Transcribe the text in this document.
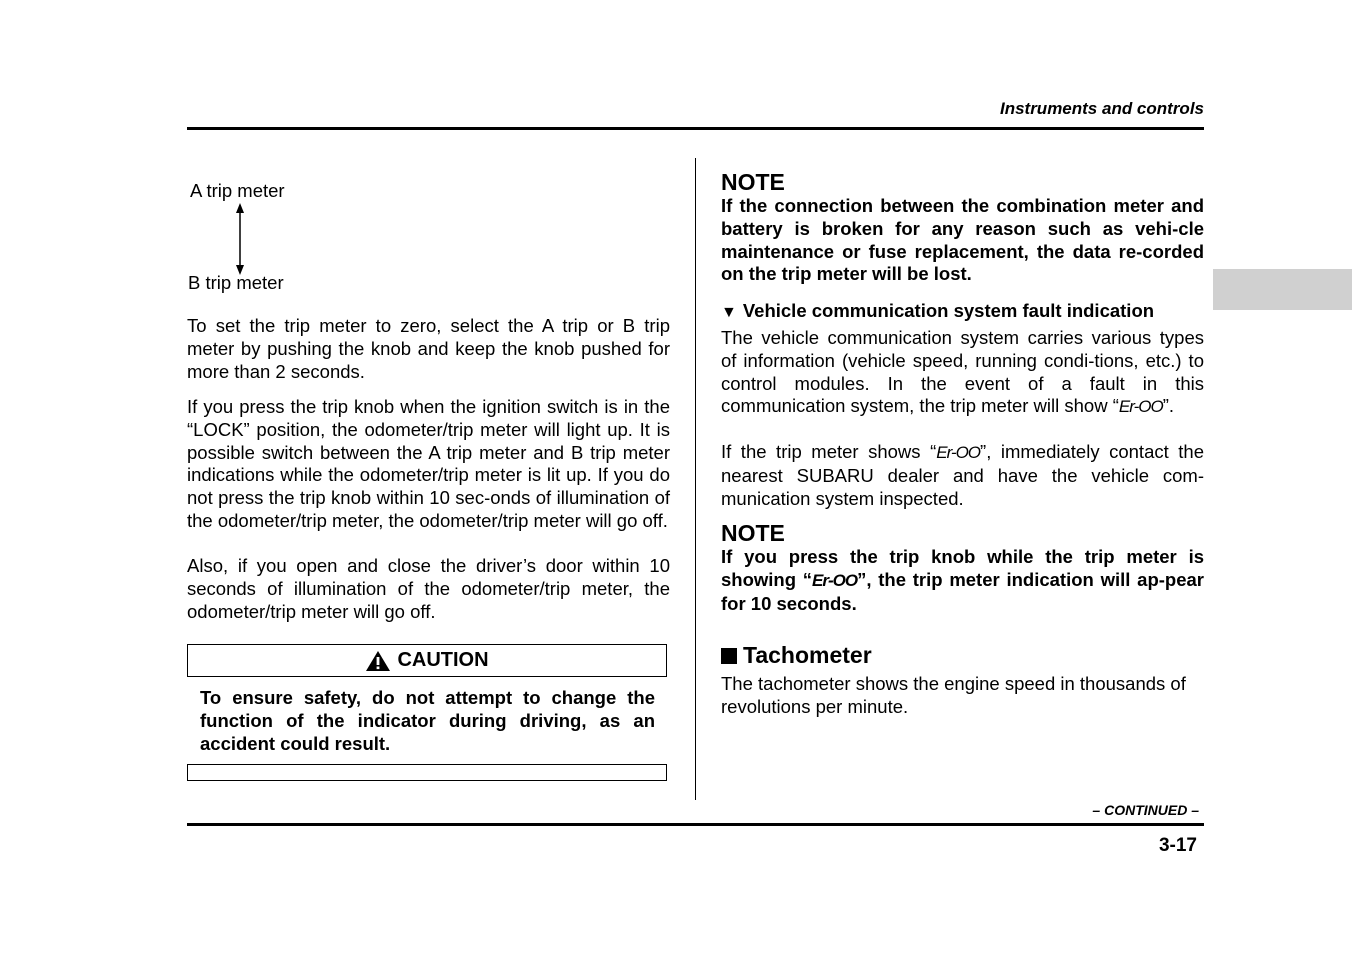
Instruments and controls
A trip meter
B trip meter

To set the trip meter to zero, select the A trip or B trip meter by pushing the knob and keep the knob pushed for more than 2 seconds.

If you press the trip knob when the ignition switch is in the “LOCK” position, the odometer/trip meter will light up. It is possible switch between the A trip meter and B trip meter indications while the odometer/trip meter is lit up. If you do not press the trip knob within 10 sec-onds of illumination of the odometer/trip meter, the odometer/trip meter will go off.

Also, if you open and close the driver’s door within 10 seconds of illumination of the odometer/trip meter, the odometer/trip meter will go off.

CAUTION

To ensure safety, do not attempt to change the function of the indicator during driving, as an accident could result.

NOTE

If the connection between the combination meter and battery is broken for any reason such as vehi-cle maintenance or fuse replacement, the data re-corded on the trip meter will be lost.

▼ Vehicle communication system fault indication

The vehicle communication system carries various types of information (vehicle speed, running condi-tions, etc.) to control modules. In the event of a fault in this communication system, the trip meter will show “Er-OO”.

If the trip meter shows “Er-OO”, immediately contact the nearest SUBARU dealer and have the vehicle com-munication system inspected.

NOTE

If you press the trip knob while the trip meter is showing “Er-OO”, the trip meter indication will ap-pear for 10 seconds.

Tachometer

The tachometer shows the engine speed in thousands of revolutions per minute.

– CONTINUED –
3-17
